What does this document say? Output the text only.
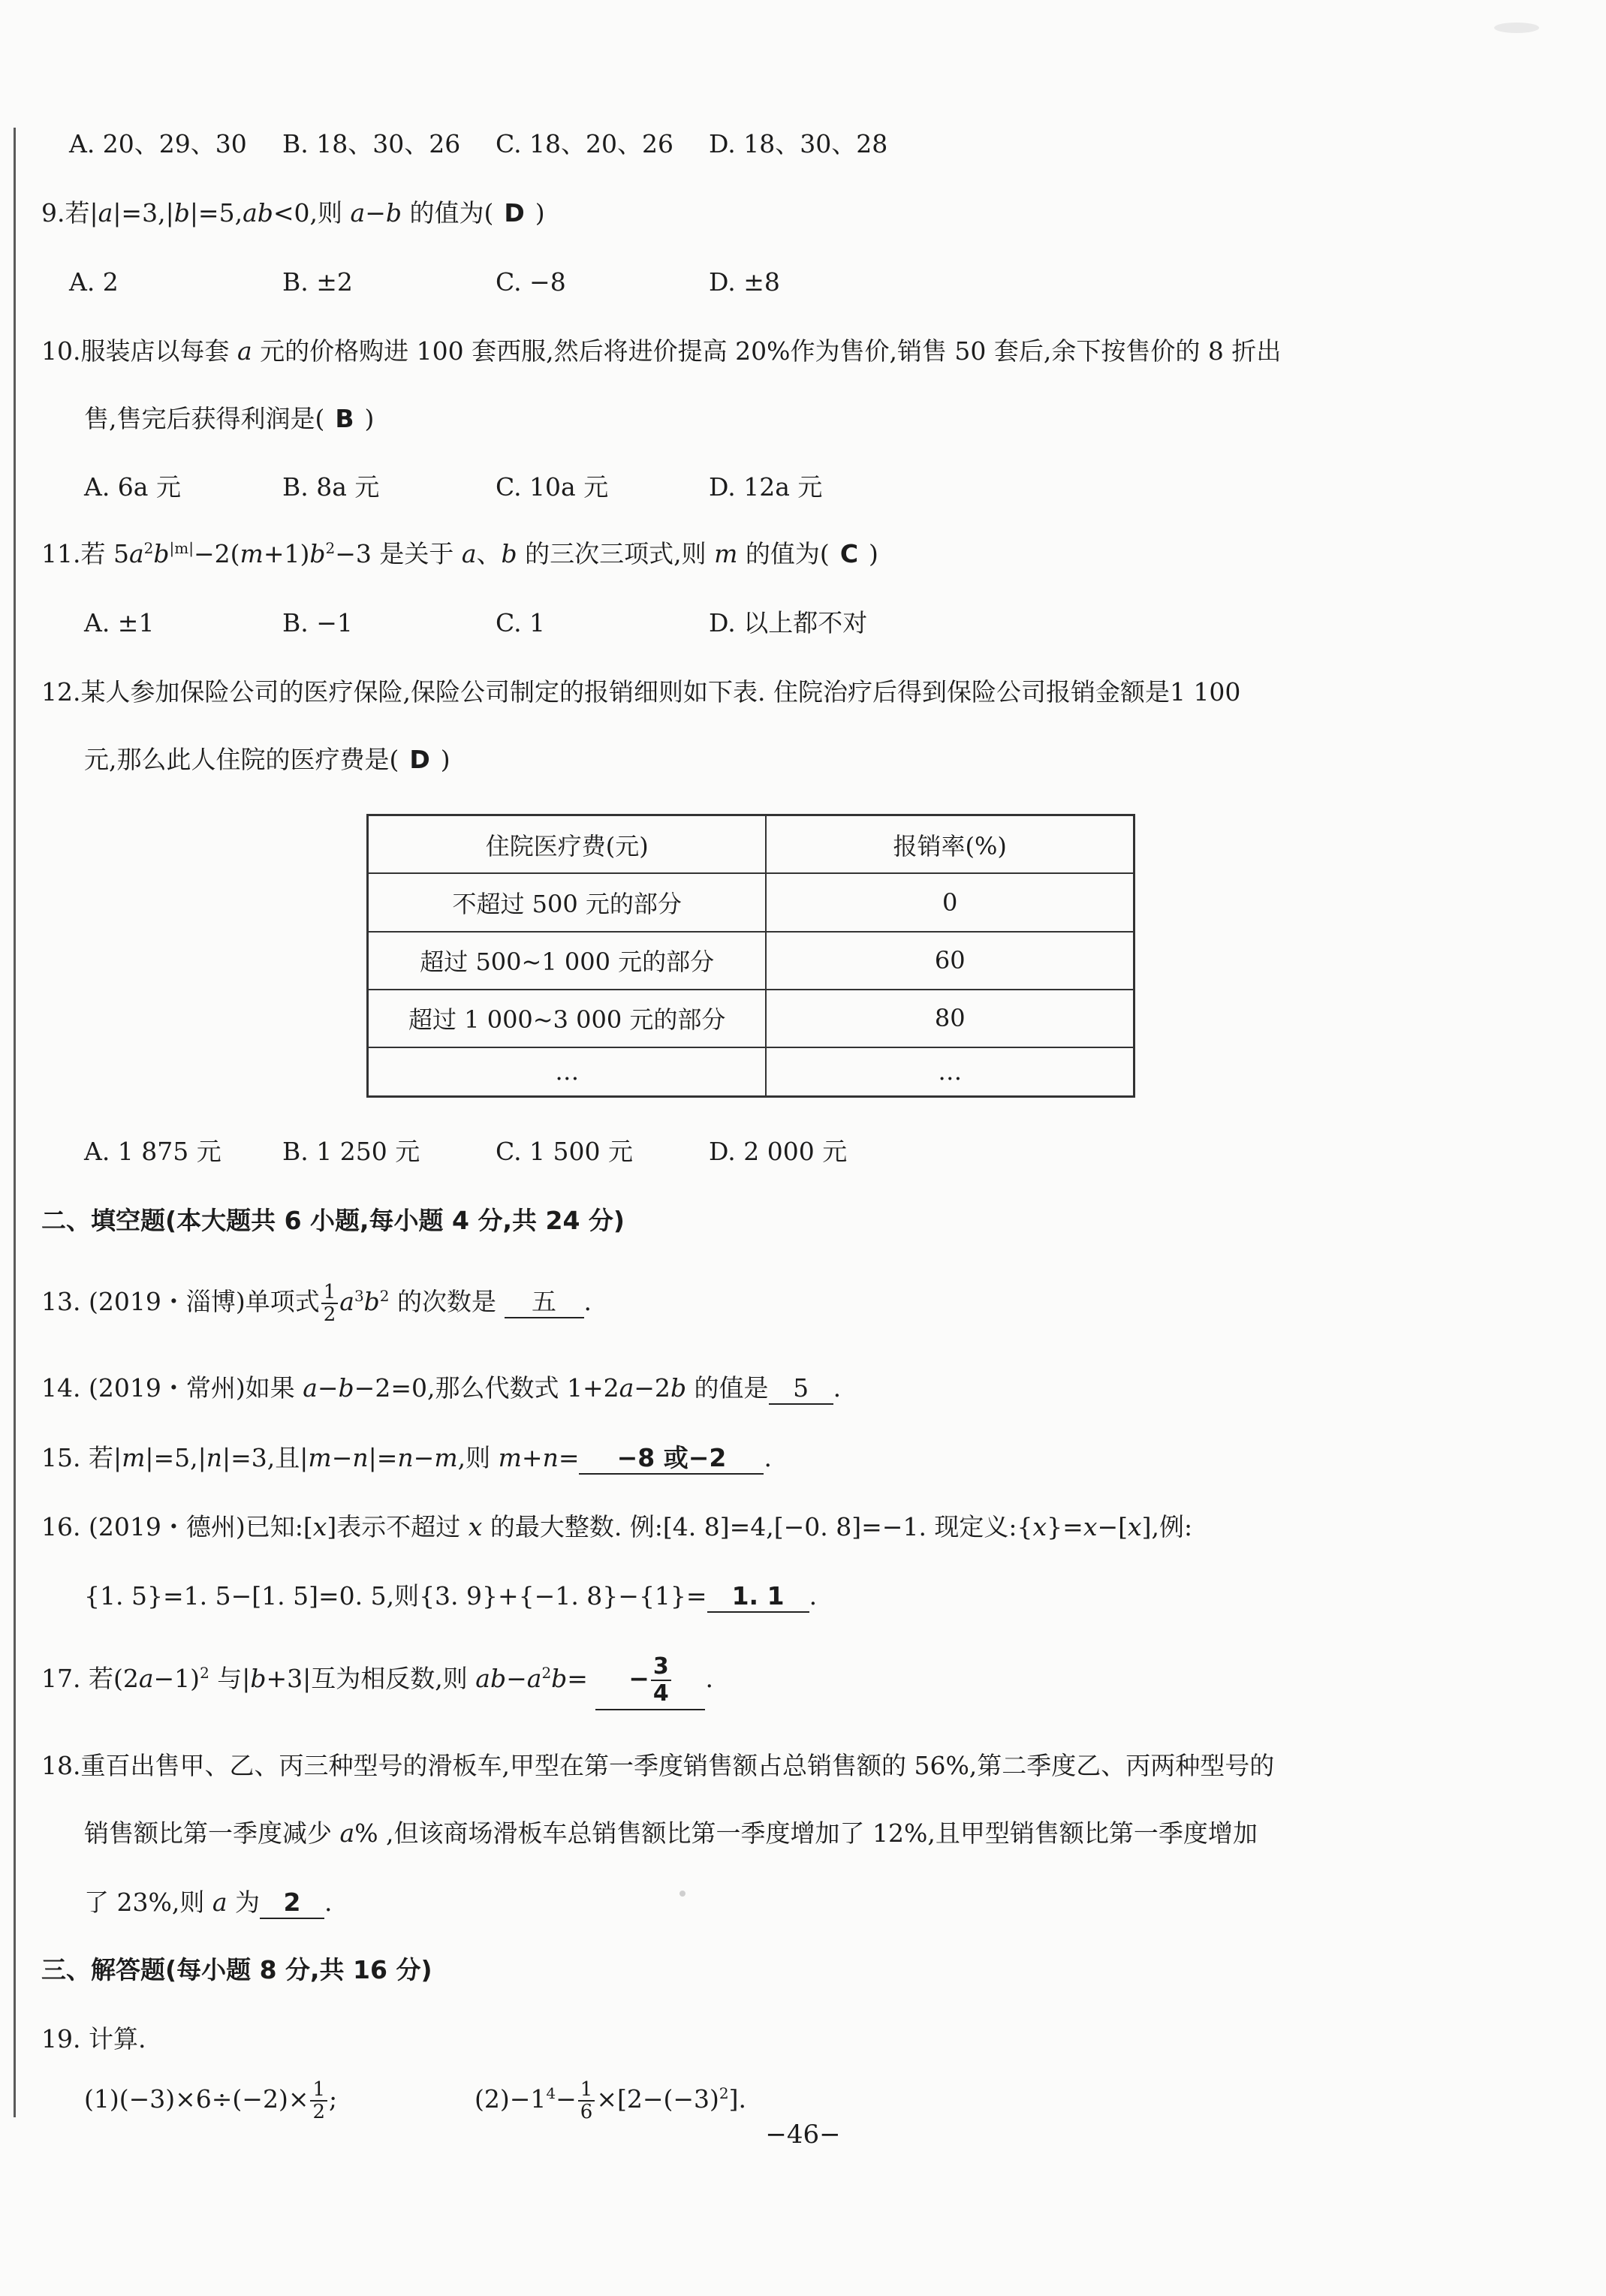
A. 20、29、30 B. 18、30、26 C. 18、20、26 D. 18、30、28
9.若|a|=3,|b|=5,ab<0,则 a−b 的值为( D )
A. 2	B. ±2	C. −8	D. ±8
10.服装店以每套 a 元的价格购进 100 套西服,然后将进价提高 20%作为售价,销售 50 套后,余下按售价的 8 折出
售,售完后获得利润是( B )
A. 6a 元	B. 8a 元	C. 10a 元	D. 12a 元
11.若 $5a^2b^{|m|}-2(m+1)b^2-3$ 是关于 a、b 的三次三项式,则 m 的值为( C )
A. ±1	B. −1	C. 1	D. 以上都不对
12.某人参加保险公司的医疗保险,保险公司制定的报销细则如下表. 住院治疗后得到保险公司报销金额是1 100
元,那么此人住院的医疗费是( D )
住院医疗费(元)	报销率(%)
不超过 500 元的部分	0
超过 500~1 000 元的部分	60
超过 1 000~3 000 元的部分	80
…	…
A. 1 875 元 B. 1 250 元	C. 1 500 元	D. 2 000 元
二、填空题(本大题共 6 小题,每小题 4 分,共 24 分)
13. (2019・淄博)单项式 $\frac{1}{2} a^3b^2$ 的次数是 五 .
14. (2019・常州)如果 a−b−2=0,那么代数式 1+2a−2b 的值是 5 .
15. 若|m|=5,|n|=3,且|m−n|=n−m,则 m+n= −8 或−2 .
16. (2019・德州)已知:[x]表示不超过 x 的最大整数. 例:[4. 8]=4,[−0. 8]=−1. 现定义:{x}=x−[x],例:
{1. 5}=1. 5−[1. 5]=0. 5,则{3. 9}+{−1. 8}−{1}= 1. 1 .
17. 若$(2a-1)^2$ 与|b+3|互为相反数,则 $ab-a^2b= - \frac{3}{4}$ .
18.重百出售甲、乙、丙三种型号的滑板车,甲型在第一季度销售额占总销售额的 56%,第二季度乙、丙两种型号的
销售额比第一季度减少 a% ,但该商场滑板车总销售额比第一季度增加了 12%,且甲型销售额比第一季度增加
了 23%,则 a 为 2 .
三、解答题(每小题 8 分,共 16 分)
19. 计算.
$(1)(-3)\times 6\div(-2)\times \frac{1}{2}$ ;	$(2)-1^4- \frac{1}{6} \times[2-(-3)^2]$.
−46−
